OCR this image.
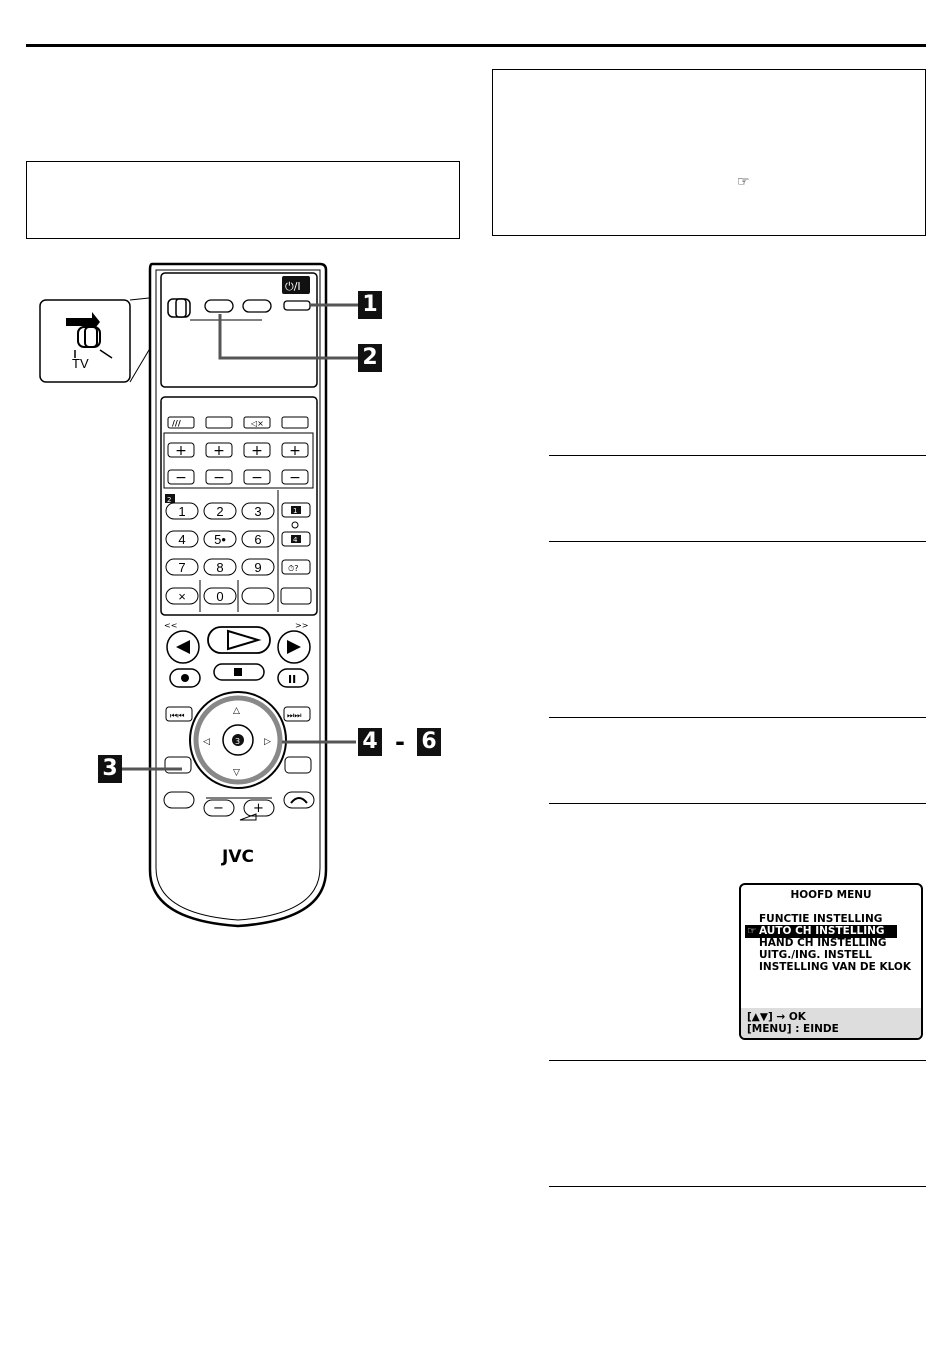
☞
TV
⏻/I
///	◁×
+ + + +
− − − −
2
1 2 3
4 5• 6
7 8 9
× 0
1
4
⏱?
<<	>>
II
⏮⏮	⏭⏭
3
△
▽
◁	▷
− +
JVC
1
2
3
4 - 6
HOOFD MENU
FUNCTIE INSTELLING
☞ AUTO CH INSTELLING
HAND CH INSTELLING
UITG./ING. INSTELL
INSTELLING VAN DE KLOK
[▲▼] → OK
[MENU] : EINDE
